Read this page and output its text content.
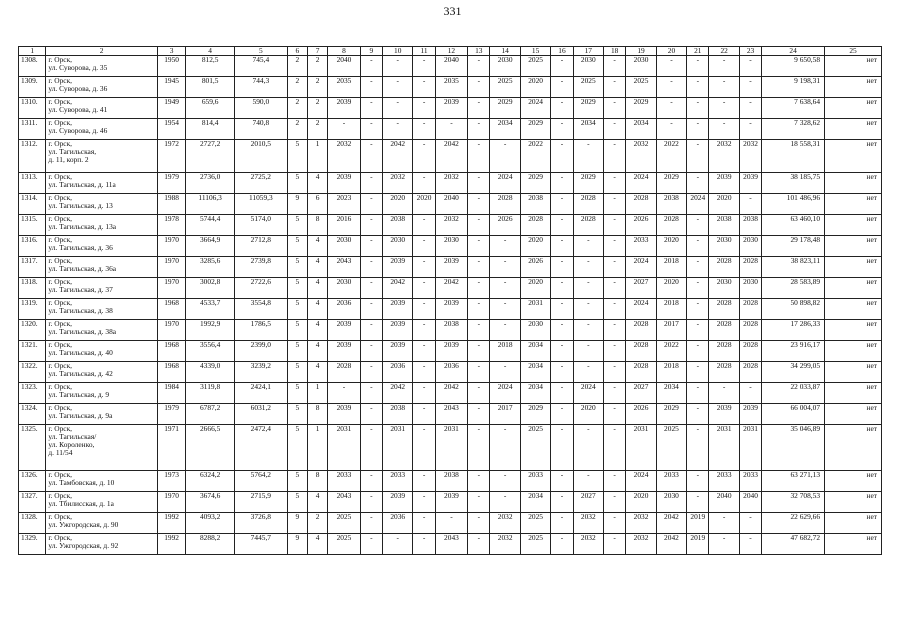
331
1	2	3	4	5	6	7	8	9	10	11	12	13	14	15	16	17	18	19	20	21	22	23	24	25
1308.	г. Орск,
ул. Суворова, д. 35	1950	812,5	745,4	2	2	2040	-	-	-	2040	-	2030	2025	-	2030	-	2030	-	-	-	-	9 650,58	нет
1309.	г. Орск,
ул. Суворова, д. 36	1945	801,5	744,3	2	2	2035	-	-	-	2035	-	2025	2020	-	2025	-	2025	-	-	-	-	9 198,31	нет
1310.	г. Орск,
ул. Суворова, д. 41	1949	659,6	590,0	2	2	2039	-	-	-	2039	-	2029	2024	-	2029	-	2029	-	-	-	-	7 638,64	нет
1311.	г. Орск,
ул. Суворова, д. 46	1954	814,4	740,8	2	2	-	-	-	-	-	-	2034	2029	-	2034	-	2034	-	-	-	-	7 328,62	нет
1312.	г. Орск,
ул. Тагильская,
д. 11, корп. 2	1972	2727,2	2010,5	5	1	2032	-	2042	-	2042	-	-	2022	-	-	-	2032	2022	-	2032	2032	18 558,31	нет
1313.	г. Орск,
ул. Тагильская, д. 11а	1979	2736,0	2725,2	5	4	2039	-	2032	-	2032	-	2024	2029	-	2029	-	2024	2029	-	2039	2039	38 185,75	нет
1314.	г. Орск,
ул. Тагильская, д. 13	1988	11106,3	11059,3	9	6	2023	-	2020	2020	2040	-	2028	2038	-	2028	-	2028	2038	2024	2020	-	101 486,96	нет
1315.	г. Орск,
ул. Тагильская, д. 13а	1978	5744,4	5174,0	5	8	2016	-	2038	-	2032	-	2026	2028	-	2028	-	2026	2028	-	2038	2038	63 460,10	нет
1316.	г. Орск,
ул. Тагильская, д. 36	1970	3664,9	2712,8	5	4	2030	-	2030	-	2030	-	-	2020	-	-	-	2033	2020	-	2030	2030	29 178,48	нет
1317.	г. Орск,
ул. Тагильская, д. 36а	1970	3285,6	2739,8	5	4	2043	-	2039	-	2039	-	-	2026	-	-	-	2024	2018	-	2028	2028	38 823,11	нет
1318.	г. Орск,
ул. Тагильская, д. 37	1970	3002,8	2722,6	5	4	2030	-	2042	-	2042	-	-	2020	-	-	-	2027	2020	-	2030	2030	28 583,89	нет
1319.	г. Орск,
ул. Тагильская, д. 38	1968	4533,7	3554,8	5	4	2036	-	2039	-	2039	-	-	2031	-	-	-	2024	2018	-	2028	2028	50 898,82	нет
1320.	г. Орск,
ул. Тагильская, д. 38а	1970	1992,9	1786,5	5	4	2039	-	2039	-	2038	-	-	2030	-	-	-	2028	2017	-	2028	2028	17 286,33	нет
1321.	г. Орск,
ул. Тагильская, д. 40	1968	3556,4	2399,0	5	4	2039	-	2039	-	2039	-	2018	2034	-	-	-	2028	2022	-	2028	2028	23 916,17	нет
1322.	г. Орск,
ул. Тагильская, д. 42	1968	4339,0	3239,2	5	4	2028	-	2036	-	2036	-	-	2034	-	-	-	2028	2018	-	2028	2028	34 299,05	нет
1323.	г. Орск,
ул. Тагильская, д. 9	1984	3119,8	2424,1	5	1	-	-	2042	-	2042	-	2024	2034	-	2024	-	2027	2034	-	-	-	22 033,87	нет
1324.	г. Орск,
ул. Тагильская, д. 9а	1979	6787,2	6031,2	5	8	2039	-	2038	-	2043	-	2017	2029	-	2020	-	2026	2029	-	2039	2039	66 004,07	нет
1325.	г. Орск,
ул. Тагильская/
ул. Короленко,
д. 11/54	1971	2666,5	2472,4	5	1	2031	-	2031	-	2031	-	-	2025	-	-	-	2031	2025	-	2031	2031	35 046,89	нет
1326.	г. Орск,
ул. Тамбовская, д. 10	1973	6324,2	5764,2	5	8	2033	-	2033	-	2038	-	-	2033	-	-	-	2024	2033	-	2033	2033	63 271,13	нет
1327.	г. Орск,
ул. Тбилисская, д. 1а	1970	3674,6	2715,9	5	4	2043	-	2039	-	2039	-	-	2034	-	2027	-	2020	2030	-	2040	2040	32 708,53	нет
1328.	г. Орск,
ул. Ужгородская, д. 90	1992	4093,2	3726,8	9	2	2025	-	2036	-	-	-	2032	2025	-	2032	-	2032	2042	2019	-	-	22 629,66	нет
1329.	г. Орск,
ул. Ужгородская, д. 92	1992	8288,2	7445,7	9	4	2025	-	-	-	2043	-	2032	2025	-	2032	-	2032	2042	2019	-	-	47 682,72	нет
